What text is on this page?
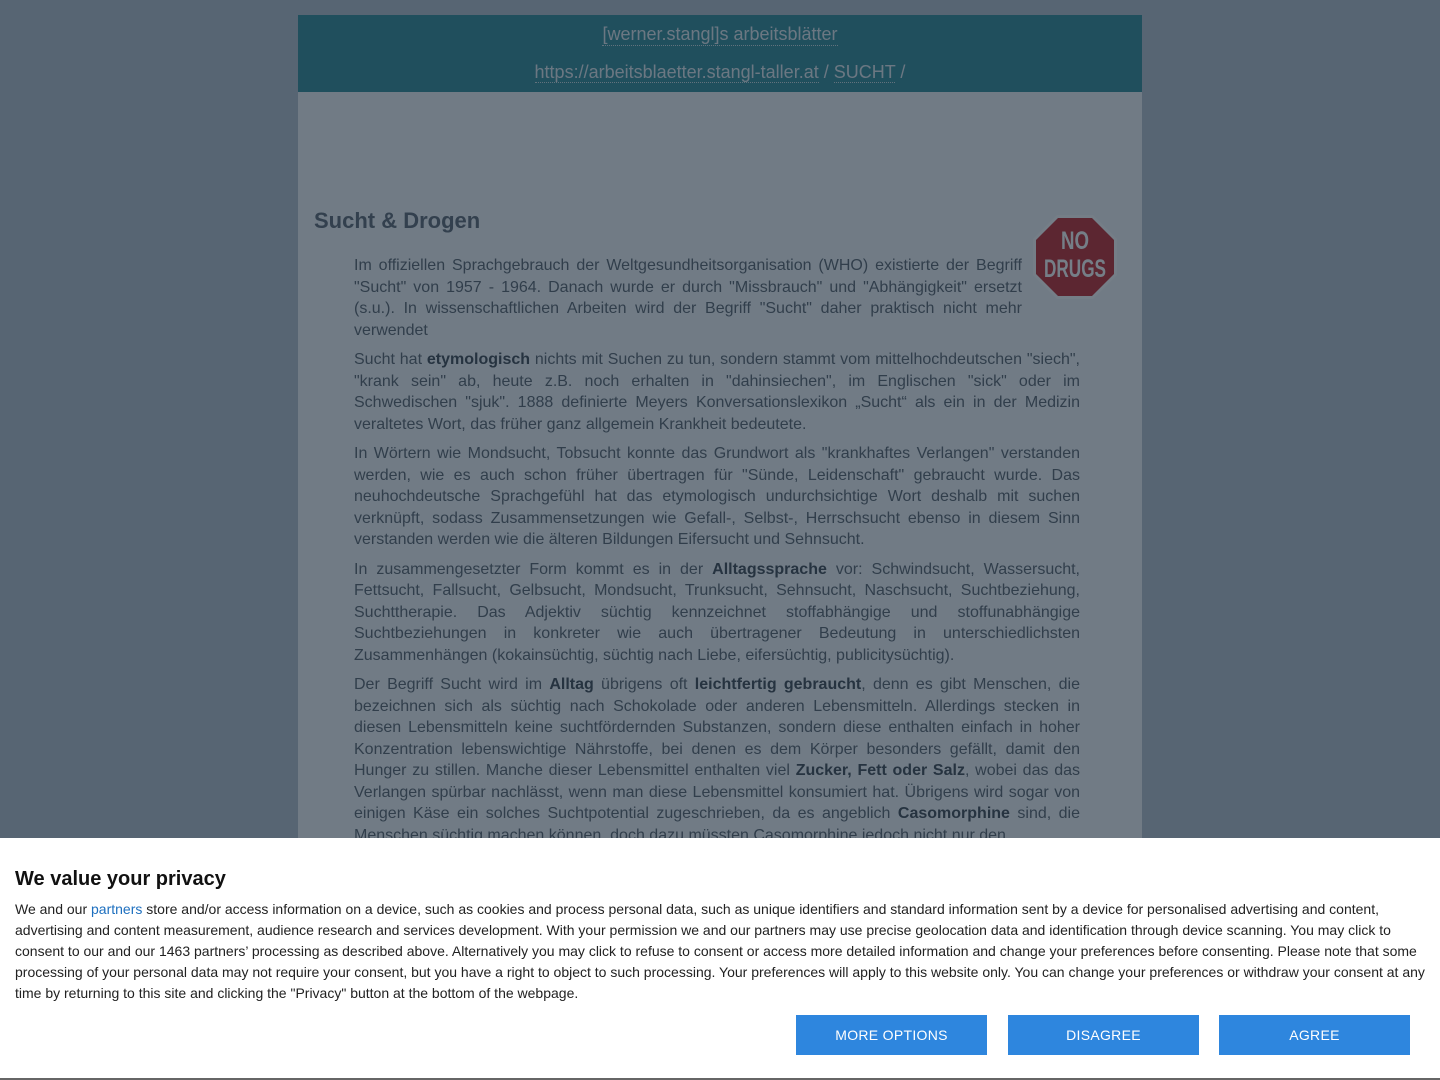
We value your privacy
We and our partners store and/or access information on a device, such as cookies and process personal data, such as unique identifiers and standard information sent by a device for personalised advertising and content, advertising and content measurement, audience research and services development. With your permission we and our partners may use precise geolocation data and identification through device scanning. You may click to consent to our and our 1463 partners’ processing as described above. Alternatively you may click to refuse to consent or access more detailed information and change your preferences before consenting. Please note that some processing of your personal data may not require your consent, but you have a right to object to such processing. Your preferences will apply to this website only. You can change your preferences or withdraw your consent at any time by returning to this site and clicking the "Privacy" button at the bottom of the webpage.
MORE OPTIONS	DISAGREE	AGREE
